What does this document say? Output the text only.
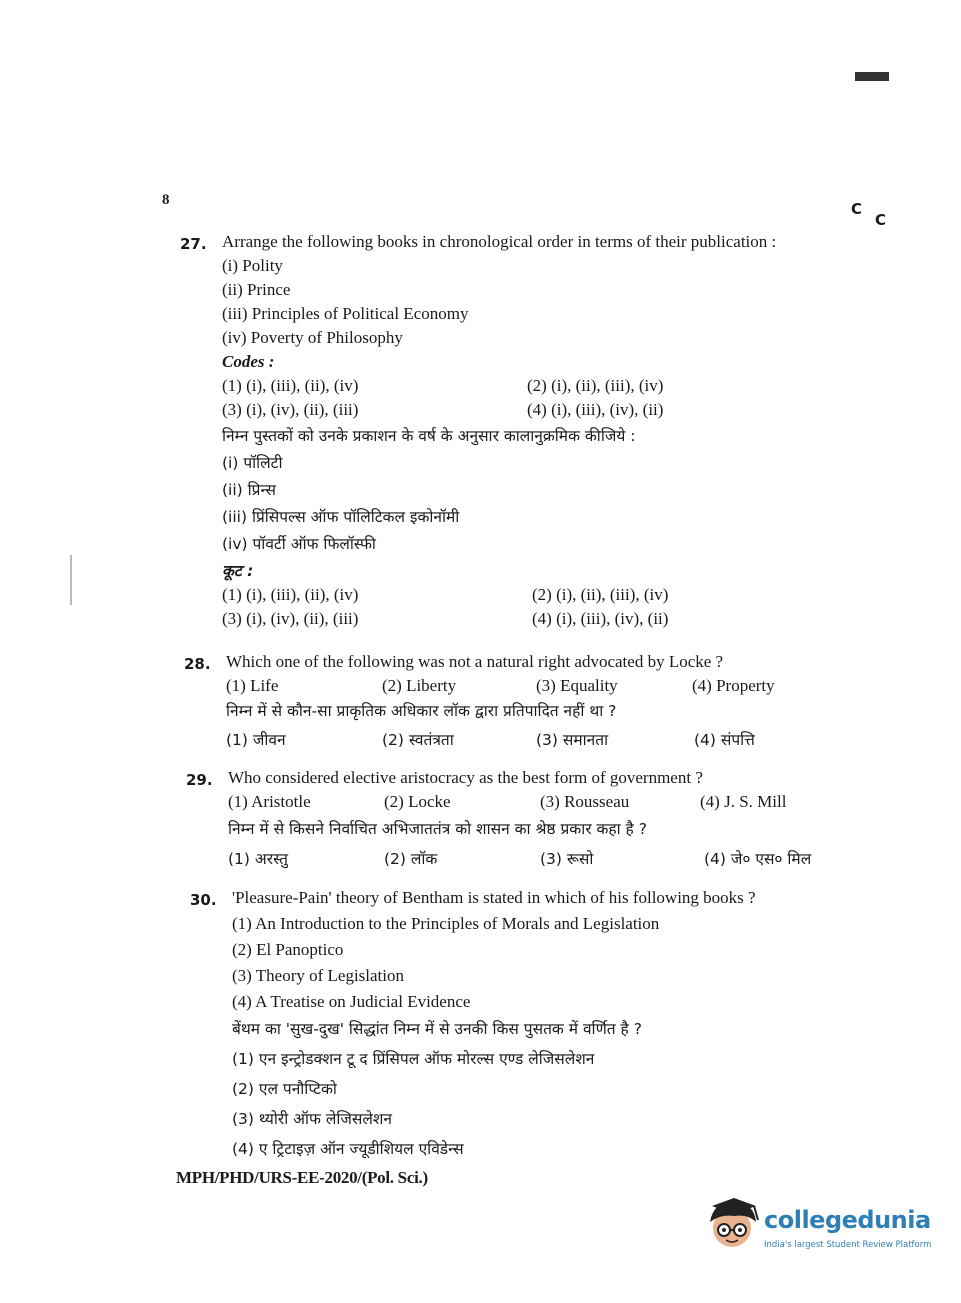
8	C
C
27. Arrange the following books in chronological order in terms of their publication :
(i) Polity
(ii) Prince
(iii) Principles of Political Economy
(iv) Poverty of Philosophy
Codes :
(1) (i), (iii), (ii), (iv)	(2) (i), (ii), (iii), (iv)
(3) (i), (iv), (ii), (iii)	(4) (i), (iii), (iv), (ii)
निम्न पुस्तकों को उनके प्रकाशन के वर्ष के अनुसार कालानुक्रमिक कीजिये :
(i) पॉलिटी
(ii) प्रिन्स
(iii) प्रिंसिपल्स ऑफ पॉलिटिकल इकोनॉमी
(iv) पॉवर्टी ऑफ फिलॉस्फी
कूट :
(1) (i), (iii), (ii), (iv)	(2) (i), (ii), (iii), (iv)
(3) (i), (iv), (ii), (iii)	(4) (i), (iii), (iv), (ii)
28. Which one of the following was not a natural right advocated by Locke ?
(1) Life	(2) Liberty	(3) Equality	(4) Property
निम्न में से कौन-सा प्राकृतिक अधिकार लॉक द्वारा प्रतिपादित नहीं था ?
(1) जीवन	(2) स्वतंत्रता	(3) समानता	(4) संपत्ति
29. Who considered elective aristocracy as the best form of government ?
(1) Aristotle	(2) Locke	(3) Rousseau	(4) J. S. Mill
निम्न में से किसने निर्वाचित अभिजाततंत्र को शासन का श्रेष्ठ प्रकार कहा है ?
(1) अरस्तु	(2) लॉक	(3) रूसो	(4) जे० एस० मिल
30. 'Pleasure-Pain' theory of Bentham is stated in which of his following books ?
(1) An Introduction to the Principles of Morals and Legislation
(2) El Panoptico
(3) Theory of Legislation
(4) A Treatise on Judicial Evidence
बेंथम का 'सुख-दुख' सिद्धांत निम्न में से उनकी किस पुसतक में वर्णित है ?
(1) एन इन्ट्रोडक्शन टू द प्रिंसिपल ऑफ मोरल्स एण्ड लेजिसलेशन
(2) एल पनौप्टिको
(3) थ्योरी ऑफ लेजिसलेशन
(4) ए ट्रिटाइज़ ऑन ज्यूडीशियल एविडेन्स
MPH/PHD/URS-EE-2020/(Pol. Sci.)
collegedunia
India's largest Student Review Platform
